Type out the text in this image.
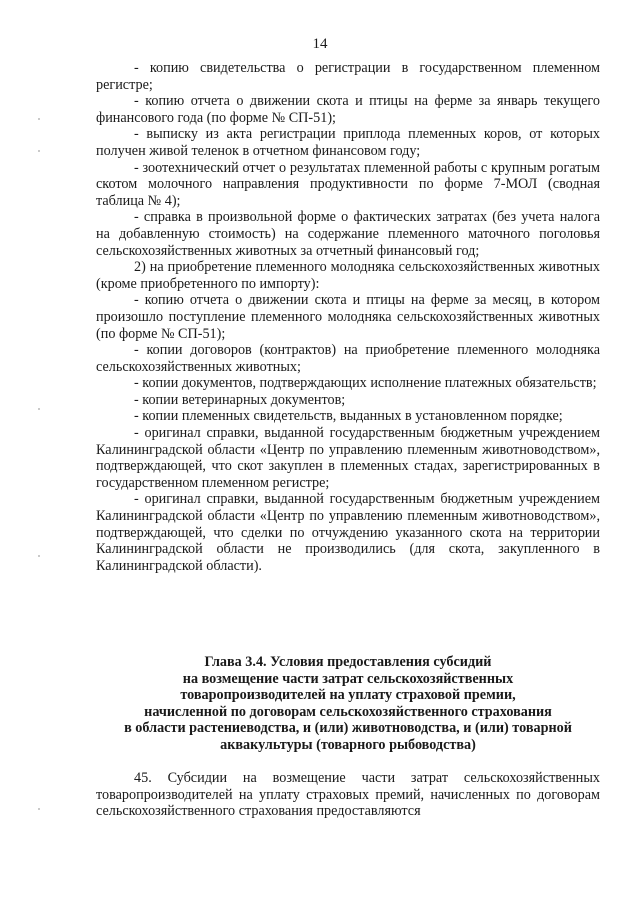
14

- копию свидетельства о регистрации в государственном племенном регистре;

- копию отчета о движении скота и птицы на ферме за январь текущего финансового года (по форме № СП-51);

- выписку из акта регистрации приплода племенных коров, от которых получен живой теленок в отчетном финансовом году;

- зоотехнический отчет о результатах племенной работы с крупным рогатым скотом молочного направления продуктивности по форме 7-МОЛ (сводная таблица № 4);

- справка в произвольной форме о фактических затратах (без учета налога на добавленную стоимость) на содержание племенного маточного поголовья сельскохозяйственных животных за отчетный финансовый год;

2) на приобретение племенного молодняка сельскохозяйственных животных (кроме приобретенного по импорту):

- копию отчета о движении скота и птицы на ферме за месяц, в котором произошло поступление племенного молодняка сельскохозяйственных животных (по форме № СП-51);

- копии договоров (контрактов) на приобретение племенного молодняка сельскохозяйственных животных;

- копии документов, подтверждающих исполнение платежных обязательств;

- копии ветеринарных документов;

- копии племенных свидетельств, выданных в установленном порядке;

- оригинал справки, выданной государственным бюджетным учреждением Калининградской области «Центр по управлению племенным животноводством», подтверждающей, что скот закуплен в племенных стадах, зарегистрированных в государственном племенном регистре;

- оригинал справки, выданной государственным бюджетным учреждением Калининградской области «Центр по управлению племенным животноводством», подтверждающей, что сделки по отчуждению указанного скота на территории Калининградской области не производились (для скота, закупленного в Калининградской области).

Глава 3.4. Условия предоставления субсидий
на возмещение части затрат сельскохозяйственных
товаропроизводителей на уплату страховой премии,
начисленной по договорам сельскохозяйственного страхования
в области растениеводства, и (или) животноводства, и (или) товарной
аквакультуры (товарного рыбоводства)

45. Субсидии на возмещение части затрат сельскохозяйственных товаропроизводителей на уплату страховых премий, начисленных по договорам сельскохозяйственного страхования предоставляются
